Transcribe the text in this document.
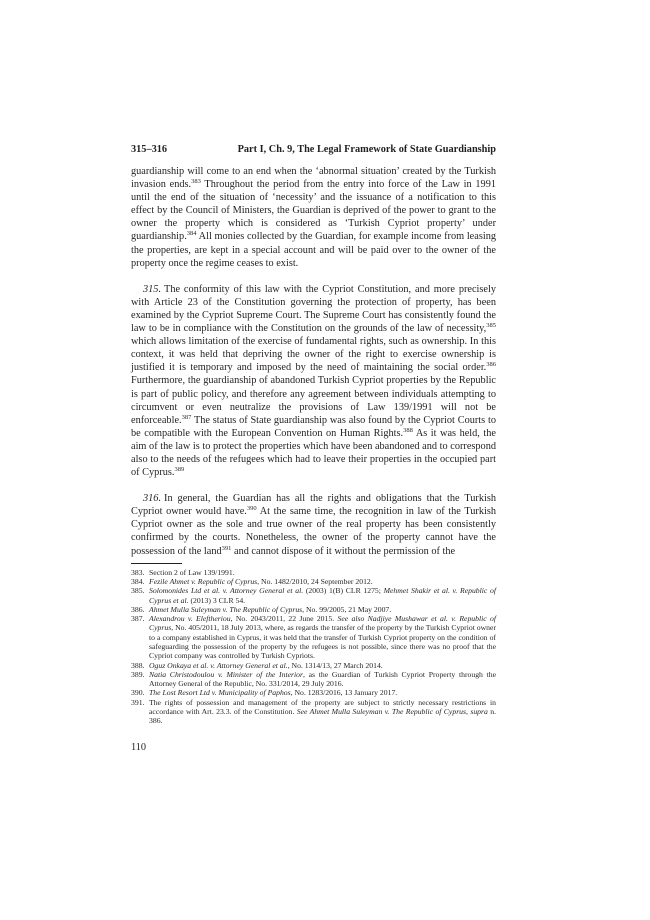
315–316	Part I, Ch. 9, The Legal Framework of State Guardianship

guardianship will come to an end when the ‘abnormal situation’ created by the Turkish invasion ends.$^{383}$ Throughout the period from the entry into force of the Law in 1991 until the end of the situation of ‘necessity’ and the issuance of a notification to this effect by the Council of Ministers, the Guardian is deprived of the power to grant to the owner the property which is considered as ‘Turkish Cypriot property’ under guardianship.$^{384}$ All monies collected by the Guardian, for example income from leasing the properties, are kept in a special account and will be paid over to the owner of the property once the regime ceases to exist.

315. The conformity of this law with the Cypriot Constitution, and more precisely with Article 23 of the Constitution governing the protection of property, has been examined by the Cypriot Supreme Court. The Supreme Court has consistently found the law to be in compliance with the Constitution on the grounds of the law of necessity,$^{385}$ which allows limitation of the exercise of fundamental rights, such as ownership. In this context, it was held that depriving the owner of the right to exercise ownership is justified it is temporary and imposed by the need of maintaining the social order.$^{386}$ Furthermore, the guardianship of abandoned Turkish Cypriot properties by the Republic is part of public policy, and therefore any agreement between individuals attempting to circumvent or even neutralize the provisions of Law 139/1991 will not be enforceable.$^{387}$ The status of State guardianship was also found by the Cypriot Courts to be compatible with the European Convention on Human Rights.$^{388}$ As it was held, the aim of the law is to protect the properties which have been abandoned and to correspond also to the needs of the refugees which had to leave their properties in the occupied part of Cyprus.$^{389}$

316. In general, the Guardian has all the rights and obligations that the Turkish Cypriot owner would have.$^{390}$ At the same time, the recognition in law of the Turkish Cypriot owner as the sole and true owner of the real property has been consistently confirmed by the courts. Nonetheless, the owner of the property cannot have the possession of the land$^{391}$ and cannot dispose of it without the permission of the

383. Section 2 of Law 139/1991.
384. Fezile Ahmet v. Republic of Cyprus, No. 1482/2010, 24 September 2012.
385. Solomonides Ltd et al. v. Attorney General et al. (2003) 1(B) CLR 1275; Mehmet Shakir et al. v. Republic of Cyprus et al. (2013) 3 CLR 54.
386. Ahmet Mulla Suleyman v. The Republic of Cyprus, No. 99/2005, 21 May 2007.
387. Alexandrou v. Eleftheriou, No. 2043/2011, 22 June 2015. See also Nadjiye Mushawar et al. v. Republic of Cyprus, No. 405/2011, 18 July 2013, where, as regards the transfer of the property by the Turkish Cypriot owner to a company established in Cyprus, it was held that the transfer of Turkish Cypriot property on the condition of safeguarding the possession of the property by the refugees is not possible, since there was no proof that the Cypriot company was controlled by Turkish Cypriots.
388. Oguz Onkaya et al. v. Attorney General et al., No. 1314/13, 27 March 2014.
389. Natia Christodoulou v. Minister of the Interior, as the Guardian of Turkish Cypriot Property through the Attorney General of the Republic, No. 331/2014, 29 July 2016.
390. The Lost Resort Ltd v. Municipality of Paphos, No. 1283/2016, 13 January 2017.
391. The rights of possession and management of the property are subject to strictly necessary restrictions in accordance with Art. 23.3. of the Constitution. See Ahmet Mulla Suleyman v. The Republic of Cyprus, supra n. 386.
110
